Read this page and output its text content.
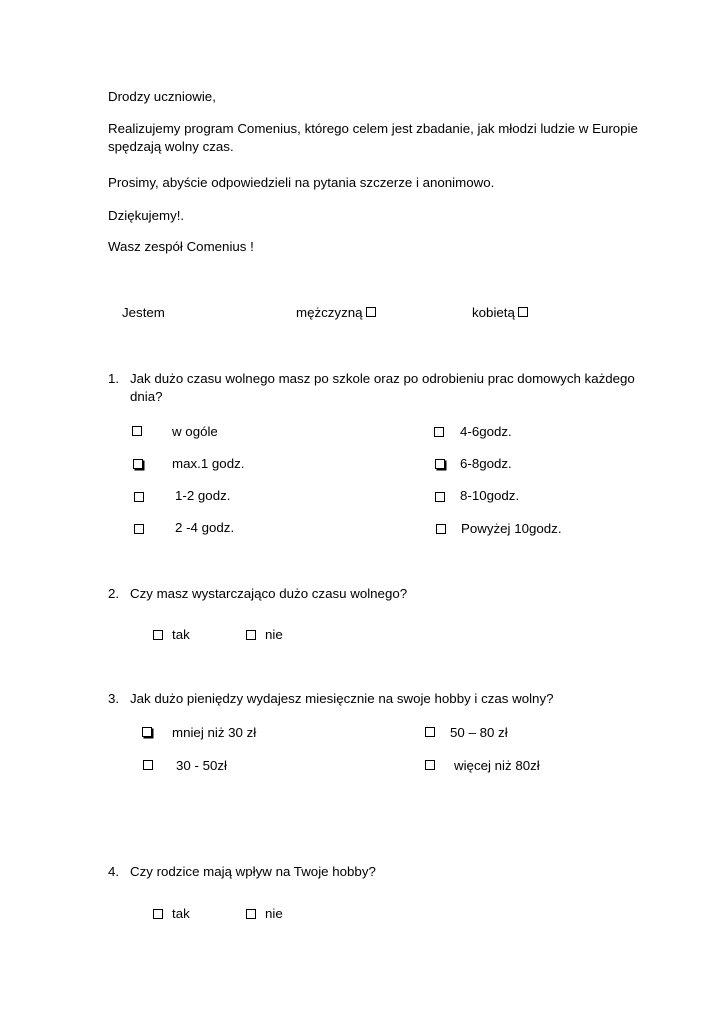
Drodzy uczniowie,
Realizujemy program Comenius, którego celem jest zbadanie, jak młodzi ludzie w Europie spędzają wolny czas.
Prosimy, abyście odpowiedzieli na pytania szczerze i anonimowo.
Dziękujemy!.
Wasz zespół Comenius !
Jestem	mężczyzną	kobietą
1. Jak dużo czasu wolnego masz po szkole oraz po odrobieniu prac domowych każdego dnia?
w ogóle
max.1 godz.
1-2 godz.
2 -4 godz.
4-6godz.
6-8godz.
8-10godz.
Powyżej 10godz.
2. Czy masz wystarczająco dużo czasu wolnego?
tak	nie
3. Jak dużo pieniędzy wydajesz miesięcznie na swoje hobby i czas wolny?
mniej niż 30 zł
30 - 50zł
50 – 80 zł
więcej niż 80zł
4. Czy rodzice mają wpływ na Twoje hobby?
tak	nie
